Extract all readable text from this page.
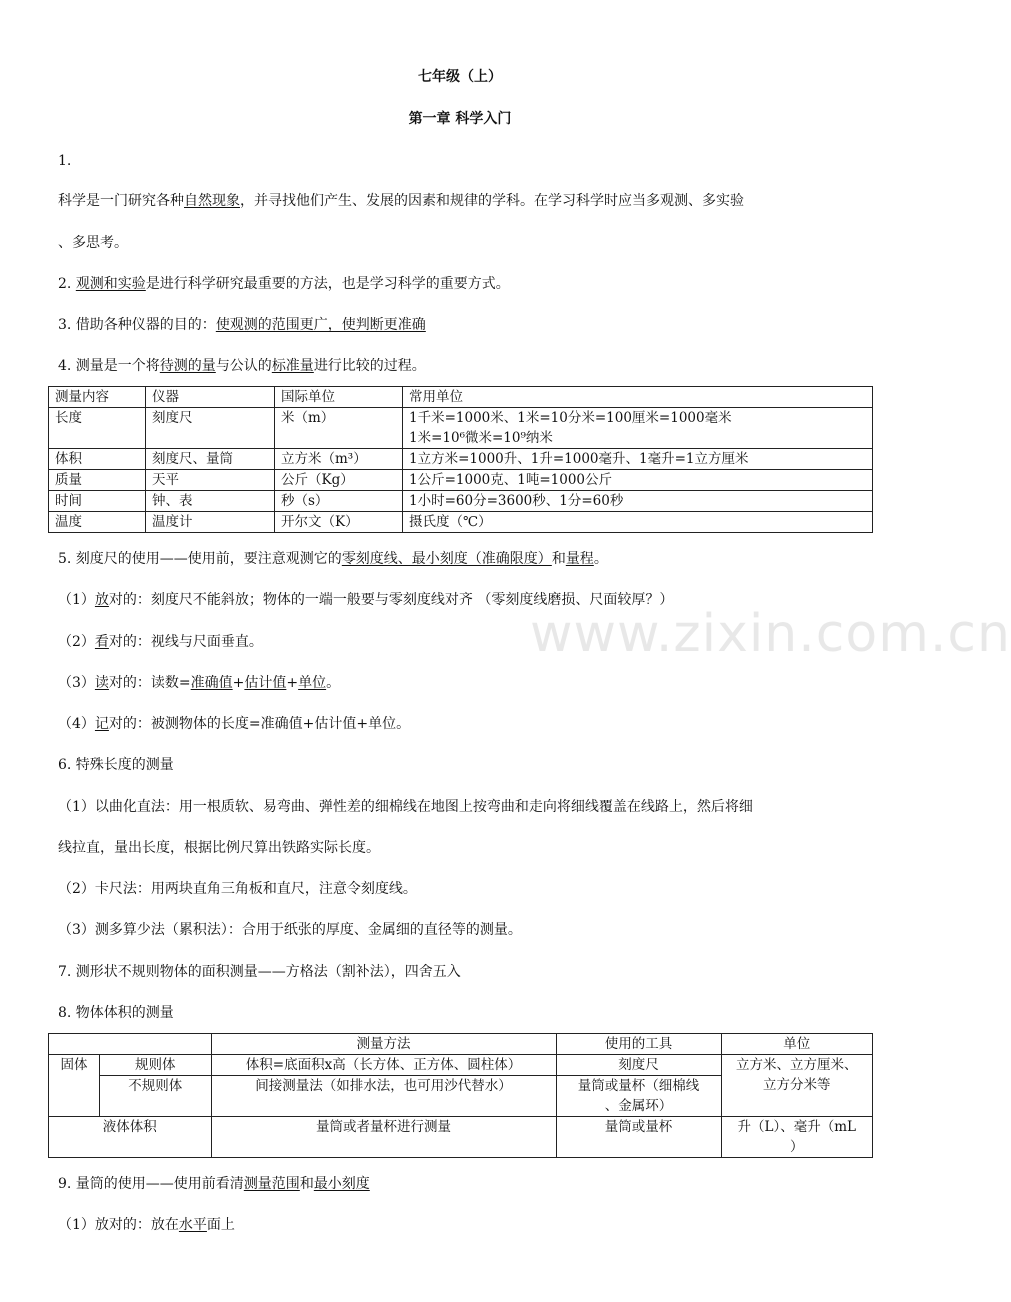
七年级（上）
第一章 科学入门
1.
科学是一门研究各种自然现象，并寻找他们产生、发展的因素和规律的学科。在学习科学时应当多观测、多实验
、多思考。
2. 观测和实验是进行科学研究最重要的方法，也是学习科学的重要方式。
3. 借助各种仪器的目的：使观测的范围更广，使判断更准确
4. 测量是一个将待测的量与公认的标准量进行比较的过程。
测量内容	仪器	国际单位	常用单位
长度	刻度尺	米（m）	1千米=1000米、1米=10分米=100厘米=1000毫米
1米=10⁶微米=10⁹纳米

体积	刻度尺、量筒	立方米（m³）	1立方米=1000升、1升=1000毫升、1毫升=1立方厘米
质量	天平	公斤（Kg）	1公斤=1000克、1吨=1000公斤
时间	钟、表	秒（s）	1小时=60分=3600秒、1分=60秒
温度	温度计	开尔文（K）	摄氏度（℃）
5. 刻度尺的使用——使用前，要注意观测它的零刻度线、最小刻度（准确限度）和量程。
（1）放对的：刻度尺不能斜放；物体的一端一般要与零刻度线对齐 （零刻度线磨损、尺面较厚？）
（2）看对的：视线与尺面垂直。
（3）读对的：读数=准确值+估计值+单位。
（4）记对的：被测物体的长度=准确值+估计值+单位。
6. 特殊长度的测量
（1）以曲化直法：用一根质软、易弯曲、弹性差的细棉线在地图上按弯曲和走向将细线覆盖在线路上，然后将细
线拉直，量出长度，根据比例尺算出铁路实际长度。
（2）卡尺法：用两块直角三角板和直尺，注意令刻度线。
（3）测多算少法（累积法）：合用于纸张的厚度、金属细的直径等的测量。
7. 测形状不规则物体的面积测量——方格法（割补法），四舍五入
8. 物体体积的测量
		测量方法	使用的工具	单位
固体	规则体	体积=底面积x高（长方体、正方体、圆柱体）	刻度尺	立方米、立方厘米、
立方分米等

	不规则体	间接测量法（如排水法，也可用沙代替水）	量筒或量杯（细棉线
、金属环）	

液体体积		量筒或者量杯进行测量	量筒或量杯	升（L）、毫升（mL
）
9. 量筒的使用——使用前看清测量范围和最小刻度
（1）放对的：放在水平面上
www.zixin.com.cn
